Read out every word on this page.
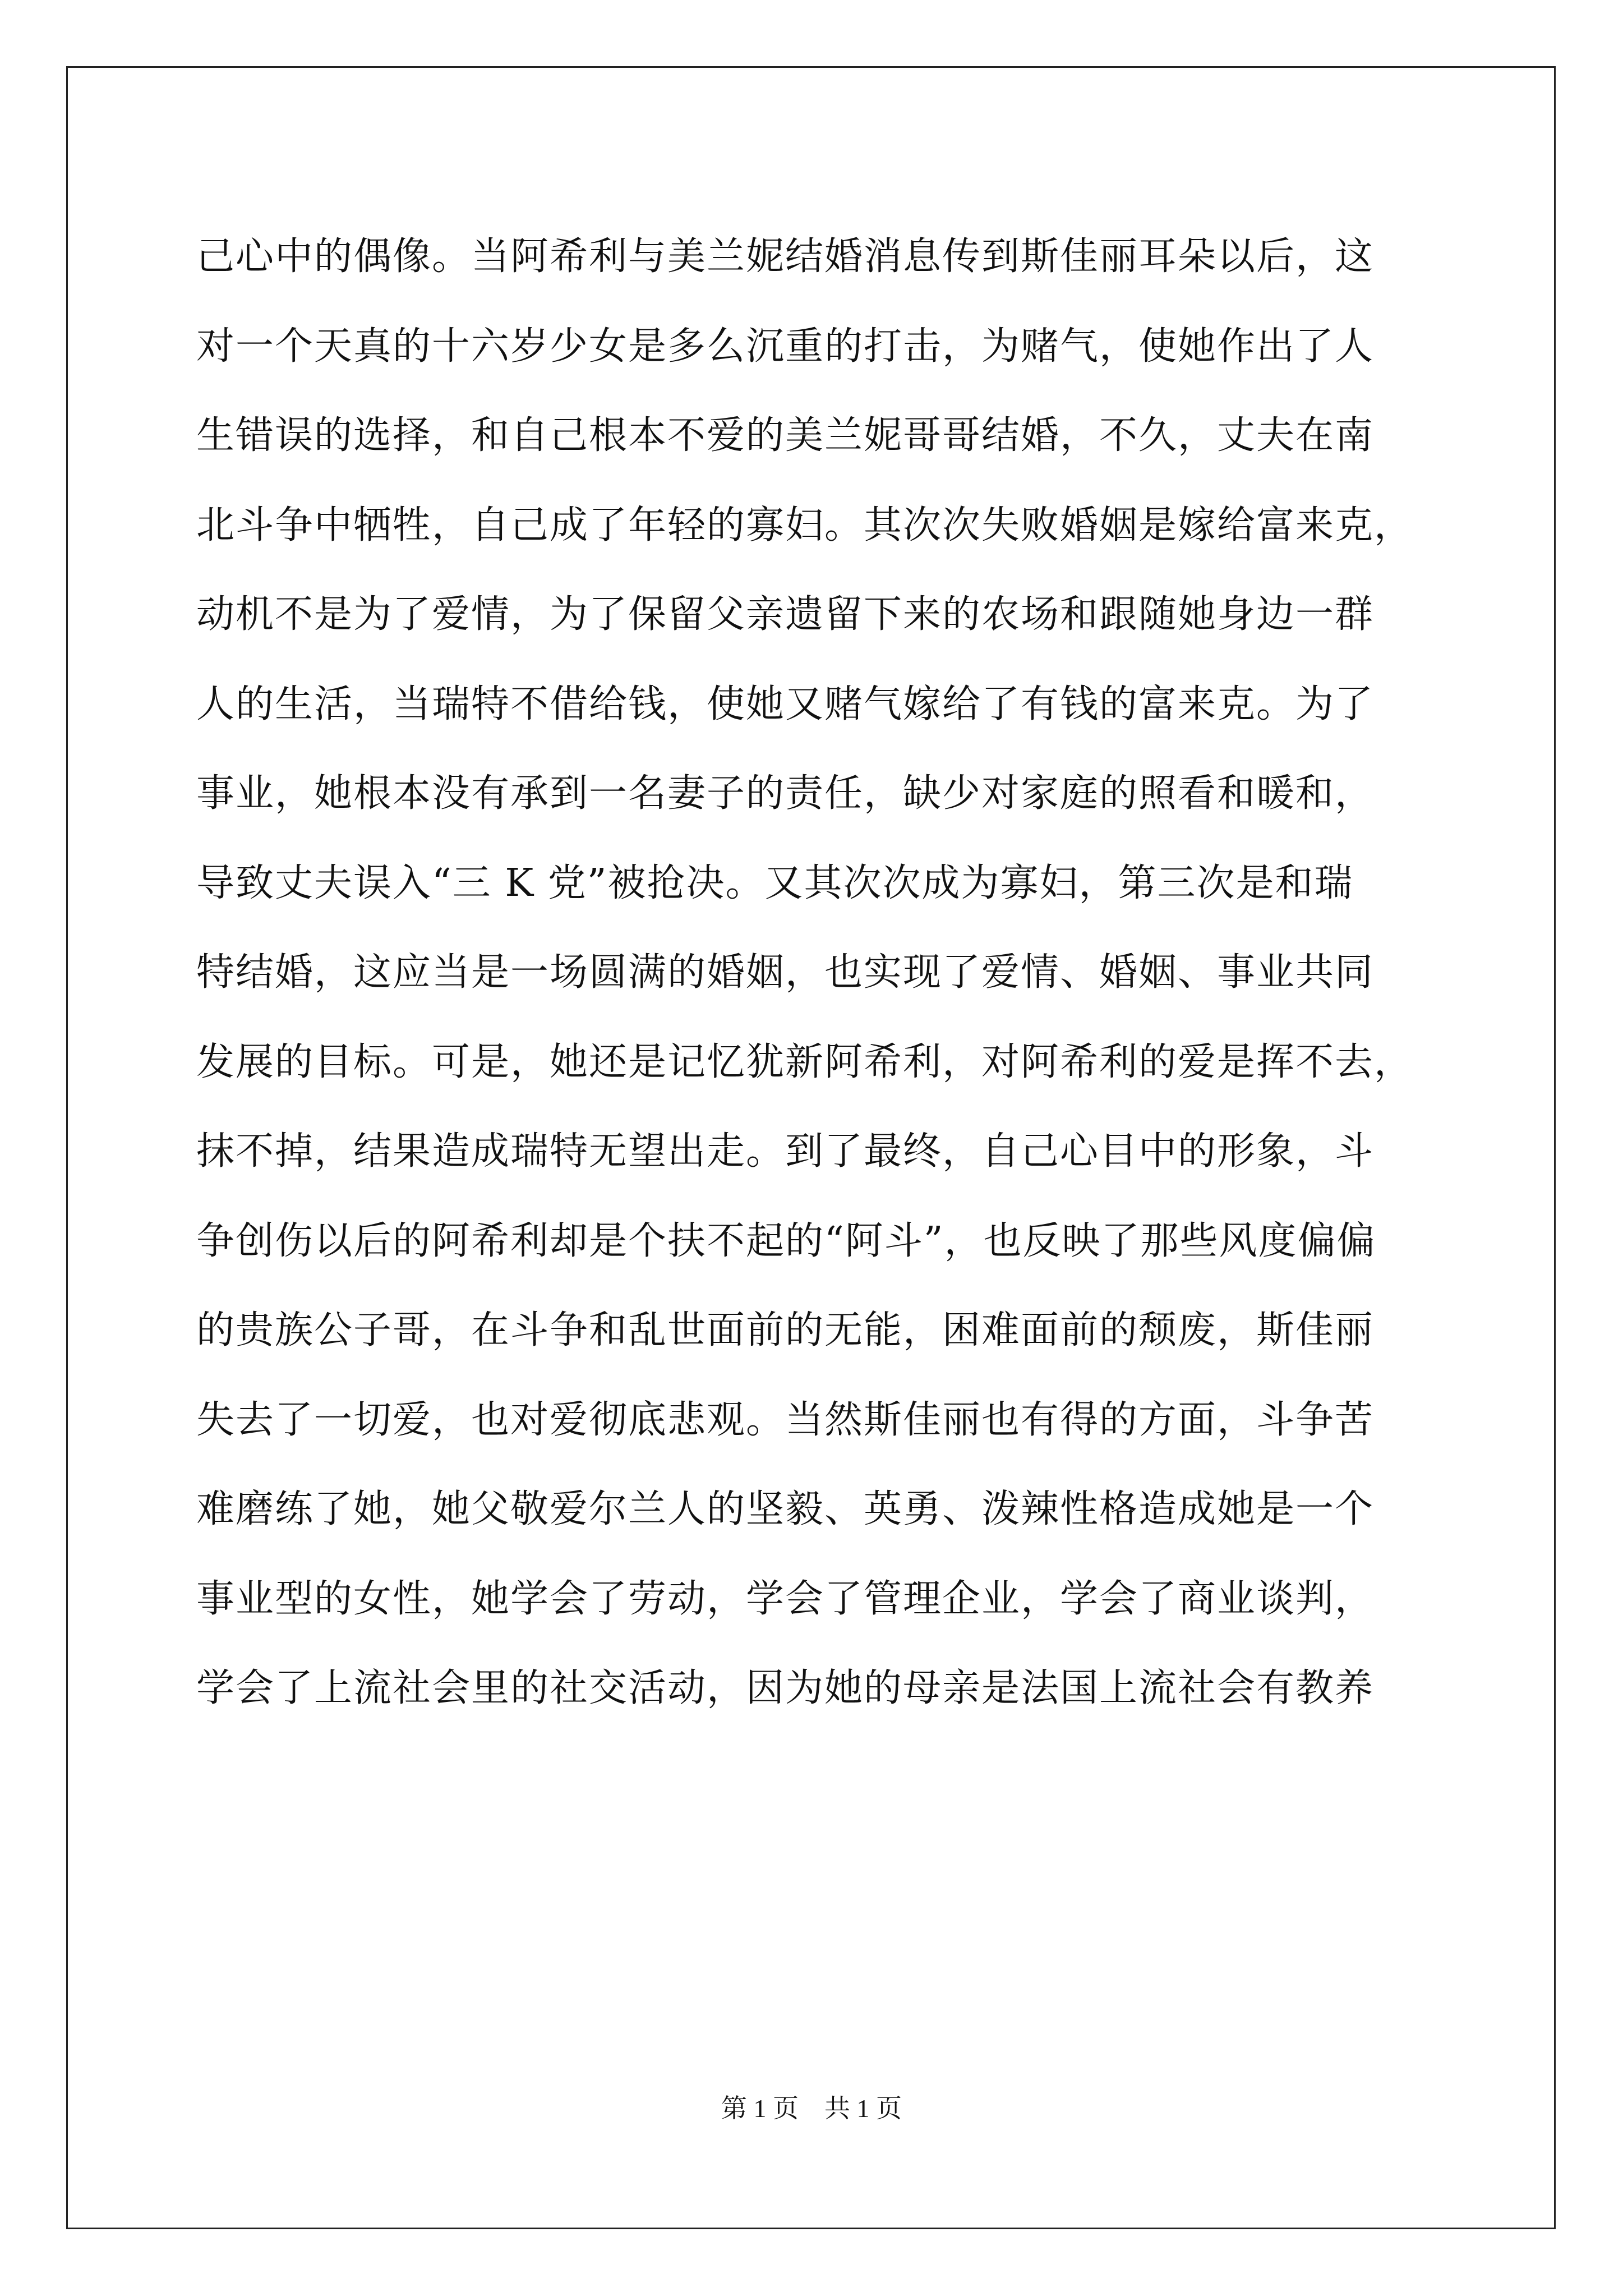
己心中的偶像。当阿希利与美兰妮结婚消息传到斯佳丽耳朵以后，这
对一个天真的十六岁少女是多么沉重的打击，为赌气，使她作出了人
生错误的选择，和自己根本不爱的美兰妮哥哥结婚，不久，丈夫在南
北斗争中牺牲，自己成了年轻的寡妇。其次次失败婚姻是嫁给富来克，
动机不是为了爱情，为了保留父亲遗留下来的农场和跟随她身边一群
人的生活，当瑞特不借给钱，使她又赌气嫁给了有钱的富来克。为了
事业，她根本没有承到一名妻子的责任，缺少对家庭的照看和暖和，
导致丈夫误入“三 K 党”被抢决。又其次次成为寡妇，第三次是和瑞
特结婚，这应当是一场圆满的婚姻，也实现了爱情、婚姻、事业共同
发展的目标。可是，她还是记忆犹新阿希利，对阿希利的爱是挥不去，
抹不掉，结果造成瑞特无望出走。到了最终，自己心目中的形象，斗
争创伤以后的阿希利却是个扶不起的“阿斗”，也反映了那些风度偏偏
的贵族公子哥，在斗争和乱世面前的无能，困难面前的颓废，斯佳丽
失去了一切爱，也对爱彻底悲观。当然斯佳丽也有得的方面，斗争苦
难磨练了她，她父敬爱尔兰人的坚毅、英勇、泼辣性格造成她是一个
事业型的女性，她学会了劳动，学会了管理企业，学会了商业谈判，
学会了上流社会里的社交活动，因为她的母亲是法国上流社会有教养
第 1 页　共 1 页
